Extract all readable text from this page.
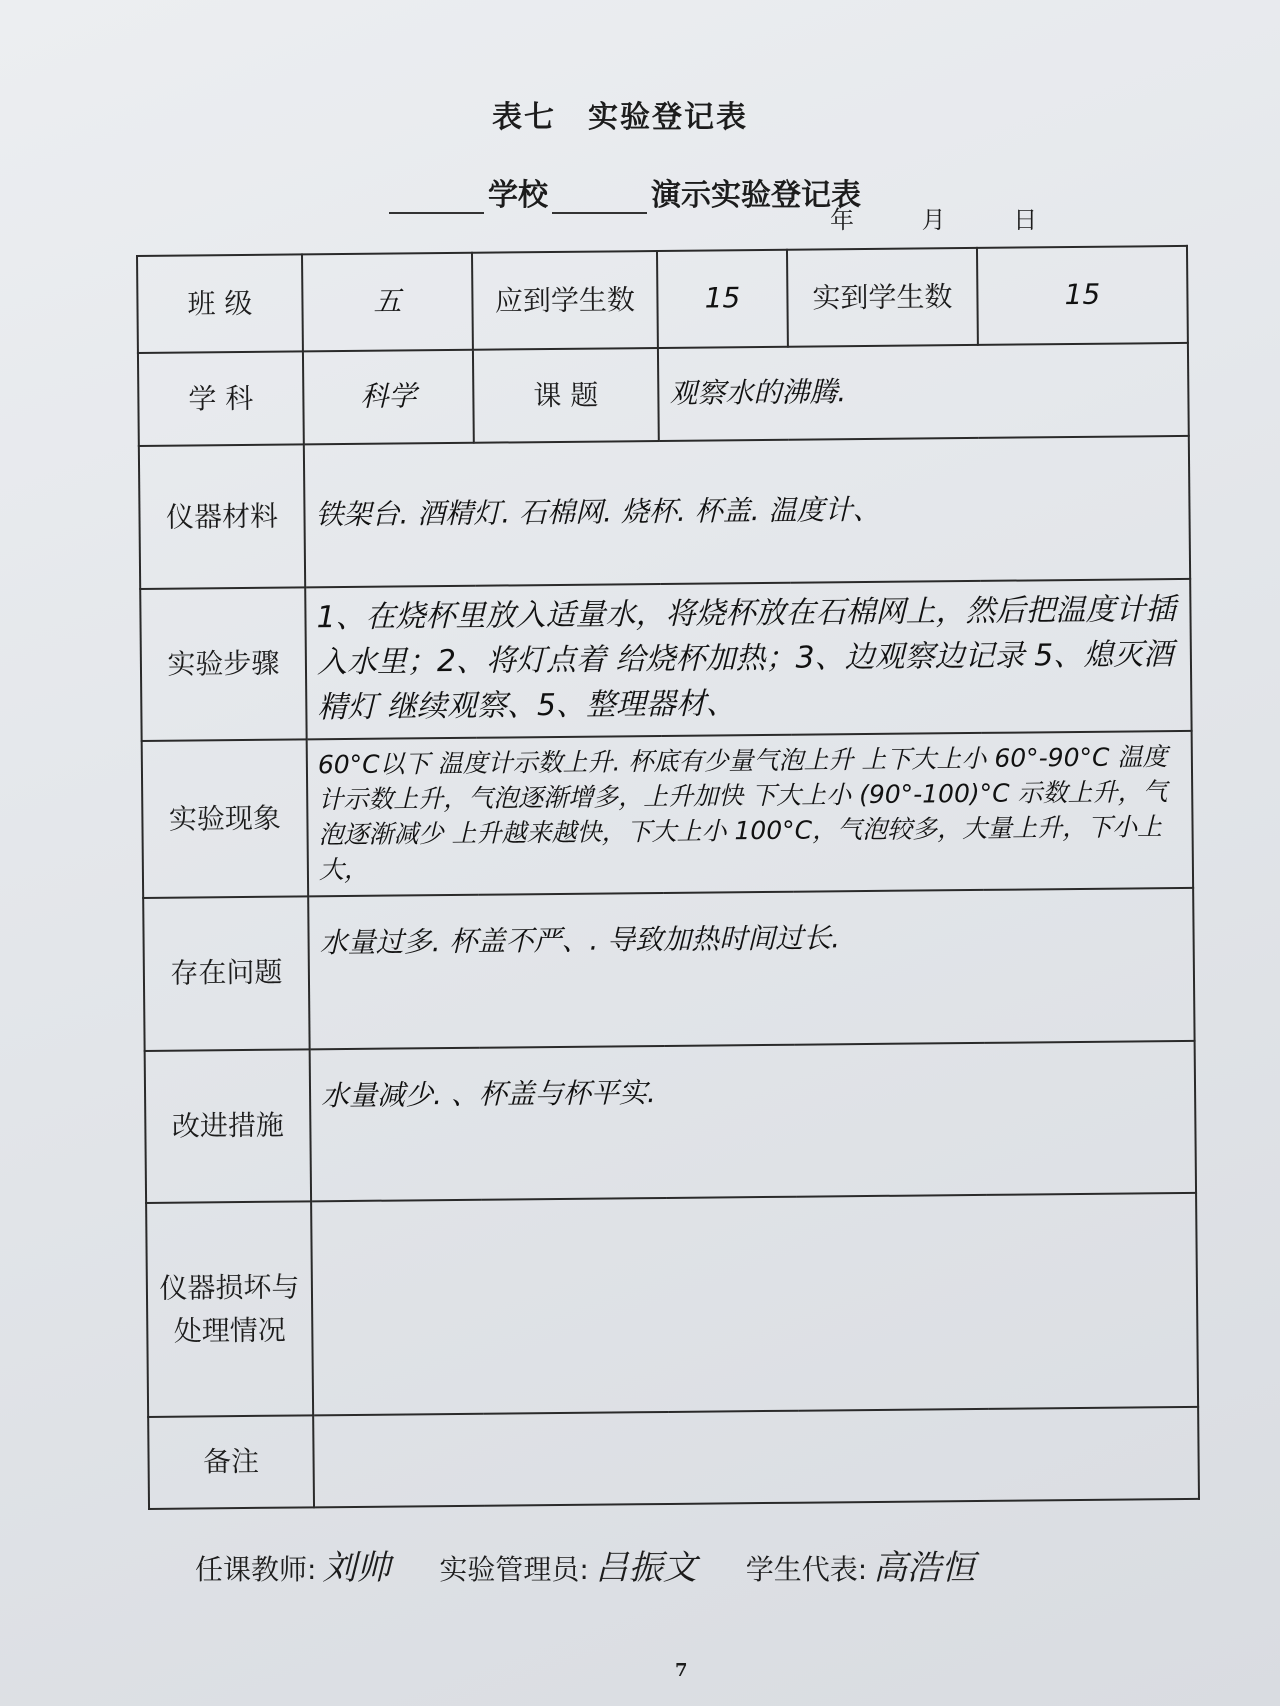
表七　实验登记表
学校	演示实验登记表
年	月	日
班 级	五	应到学生数	15	实到学生数	15
学 科	科学	课 题	观察水的沸腾.		
仪器材料	铁架台. 酒精灯. 石棉网. 烧杯. 杯盖. 温度计、				
实验步骤	1、在烧杯里放入适量水，将烧杯放在石棉网上，然后把温度计插入水里；2、将灯点着 给烧杯加热；3、边观察边记录 5、熄灭酒精灯 继续观察、5、整理器材、				
实验现象	60°C以下 温度计示数上升. 杯底有少量气泡上升 上下大上小 60°-90°C 温度计示数上升，气泡逐渐增多，上升加快 下大上小 (90°-100)°C 示数上升，气泡逐渐减少 上升越来越快，下大上小 100°C，气泡较多，大量上升，下小上大，				
存在问题	水量过多. 杯盖不严、. 导致加热时间过长.				
改进措施	水量减少. 、杯盖与杯平实.				
仪器损坏与处理情况					
备注					
任课教师: 刘帅 实验管理员: 吕振文 学生代表: 高浩恒
7
